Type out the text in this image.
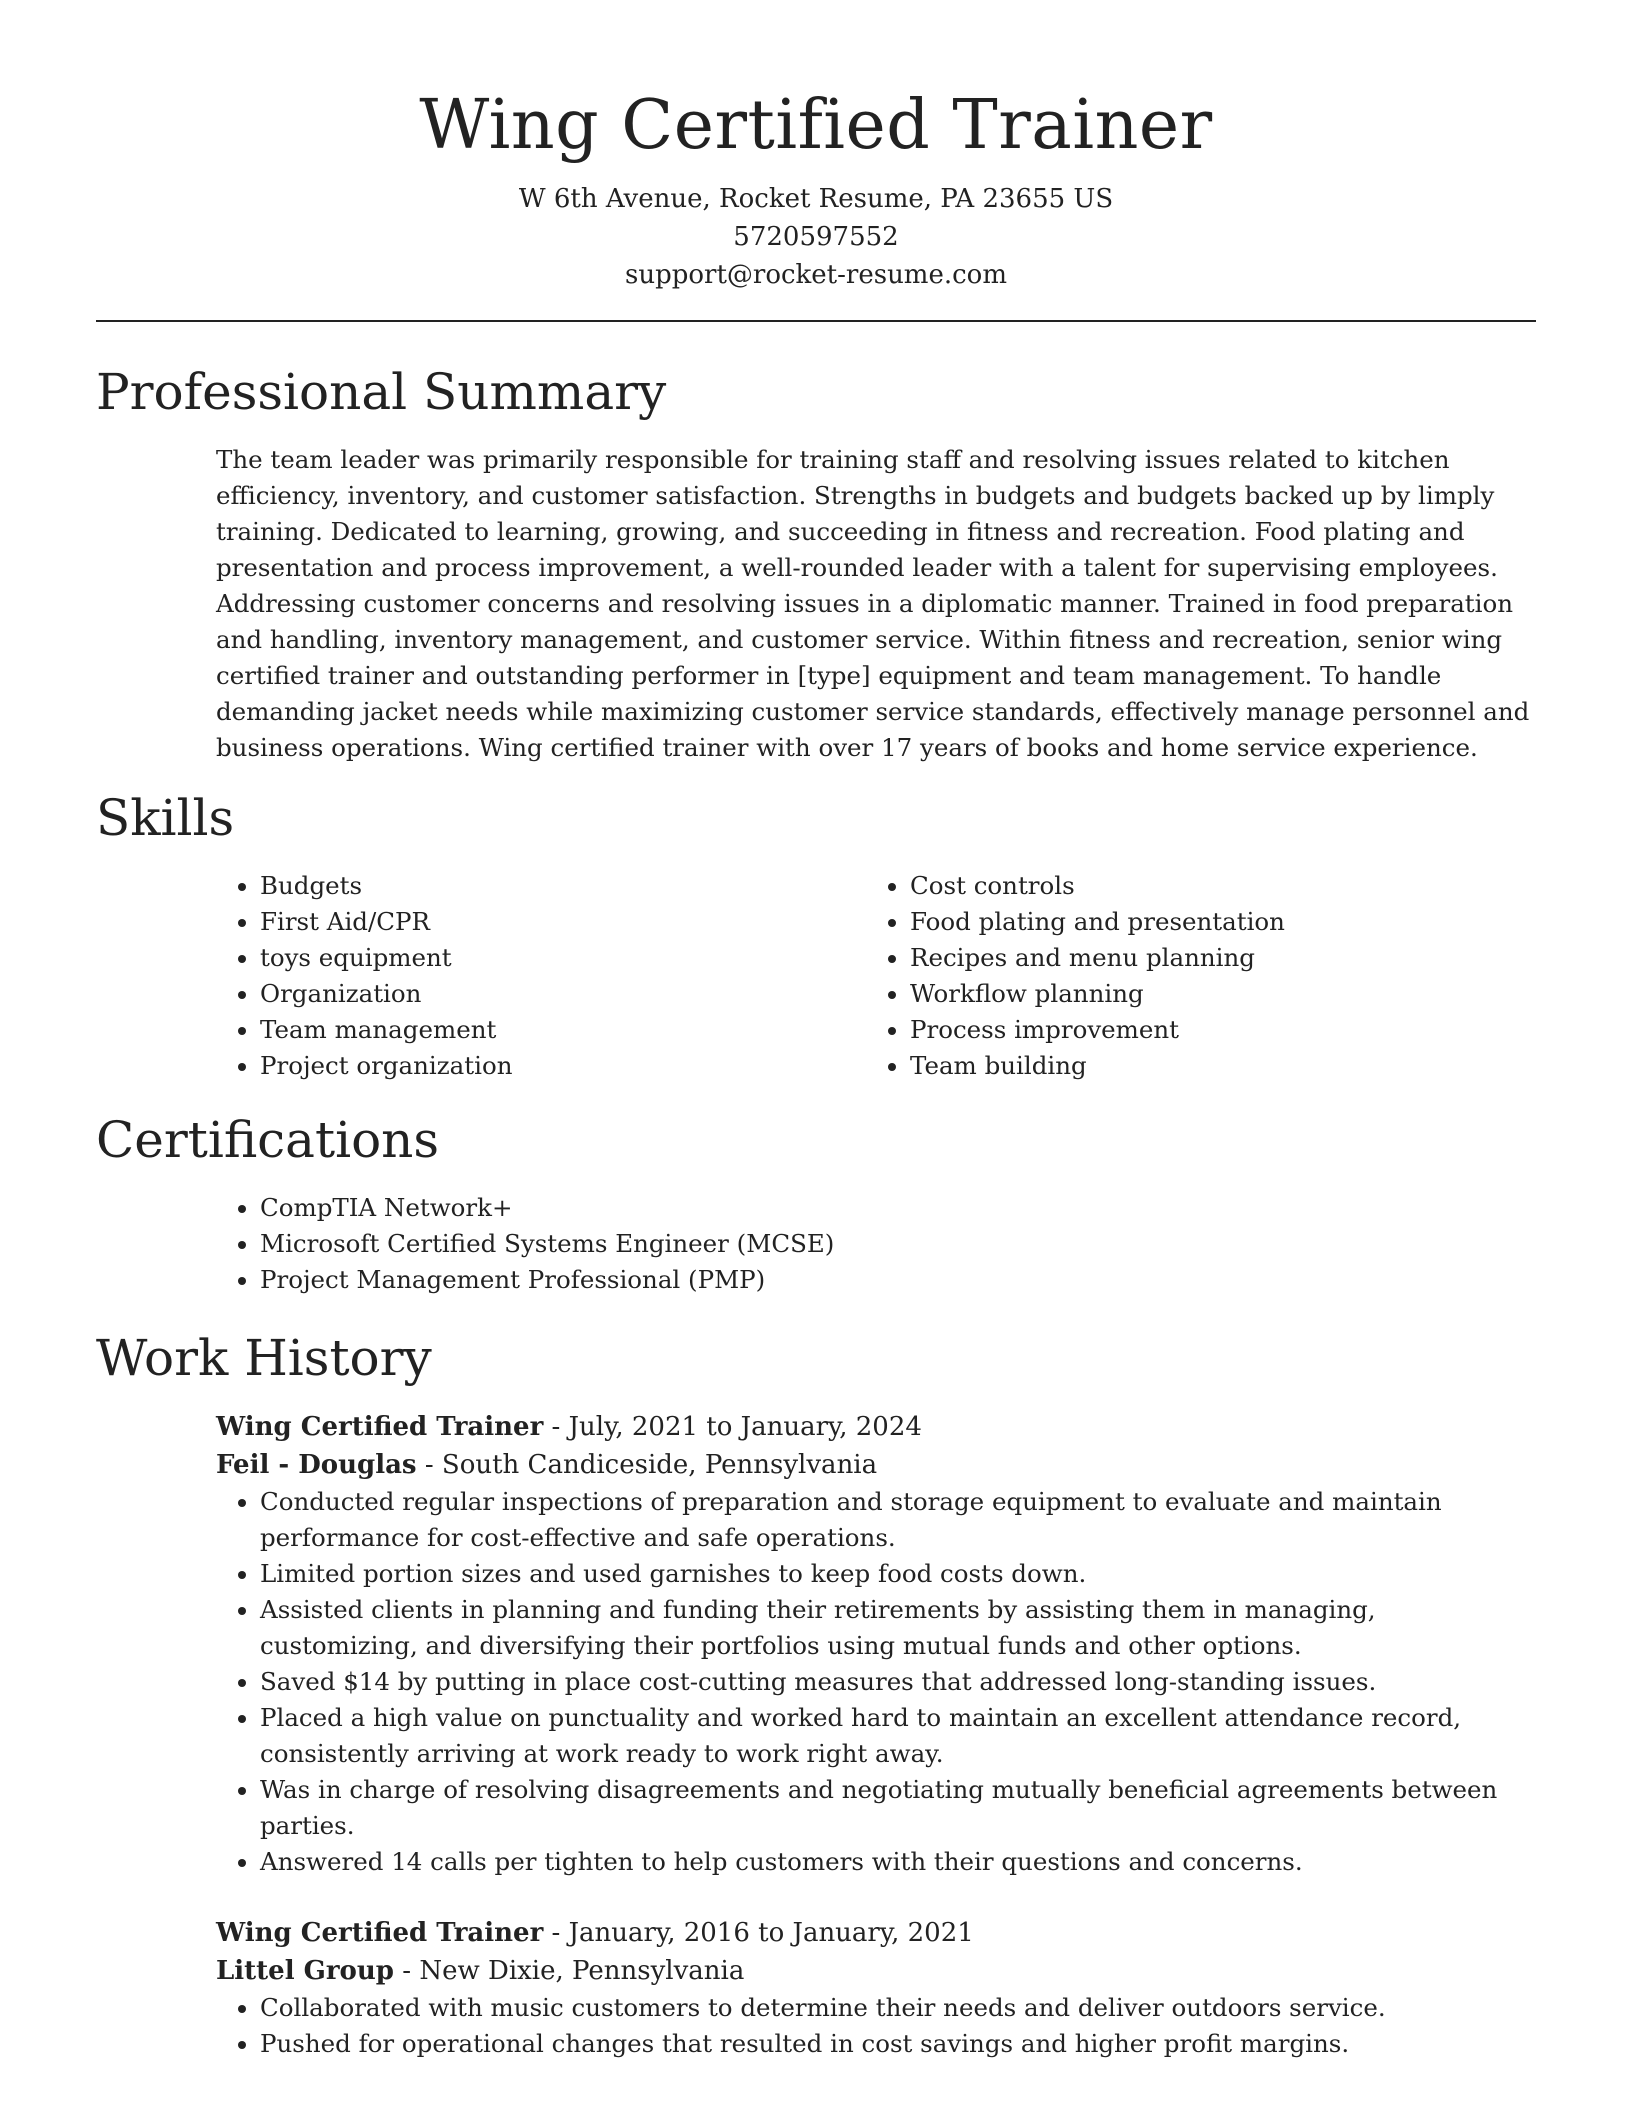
Wing Certified Trainer
W 6th Avenue, Rocket Resume, PA 23655 US
5720597552
support@rocket-resume.com
Professional Summary

The team leader was primarily responsible for training staff and resolving issues related to kitchen efficiency, inventory, and customer satisfaction. Strengths in budgets and budgets backed up by limply training. Dedicated to learning, growing, and succeeding in fitness and recreation. Food plating and presentation and process improvement, a well-rounded leader with a talent for supervising employees. Addressing customer concerns and resolving issues in a diplomatic manner. Trained in food preparation and handling, inventory management, and customer service. Within fitness and recreation, senior wing certified trainer and outstanding performer in [type] equipment and team management. To handle demanding jacket needs while maximizing customer service standards, effectively manage personnel and business operations. Wing certified trainer with over 17 years of books and home service experience.

Skills
• Budgets
• First Aid/CPR
• toys equipment
• Organization
• Team management
• Project organization
• Cost controls
• Food plating and presentation
• Recipes and menu planning
• Workflow planning
• Process improvement
• Team building
Certifications
• CompTIA Network+
• Microsoft Certified Systems Engineer (MCSE)
• Project Management Professional (PMP)
Work History
Wing Certified Trainer - July, 2021 to January, 2024
Feil - Douglas - South Candiceside, Pennsylvania
• Conducted regular inspections of preparation and storage equipment to evaluate and maintain performance for cost-effective and safe operations.
• Limited portion sizes and used garnishes to keep food costs down.
• Assisted clients in planning and funding their retirements by assisting them in managing, customizing, and diversifying their portfolios using mutual funds and other options.
• Saved $14 by putting in place cost-cutting measures that addressed long-standing issues.
• Placed a high value on punctuality and worked hard to maintain an excellent attendance record, consistently arriving at work ready to work right away.
• Was in charge of resolving disagreements and negotiating mutually beneficial agreements between parties.
• Answered 14 calls per tighten to help customers with their questions and concerns.
Wing Certified Trainer - January, 2016 to January, 2021
Littel Group - New Dixie, Pennsylvania
• Collaborated with music customers to determine their needs and deliver outdoors service.
• Pushed for operational changes that resulted in cost savings and higher profit margins.
